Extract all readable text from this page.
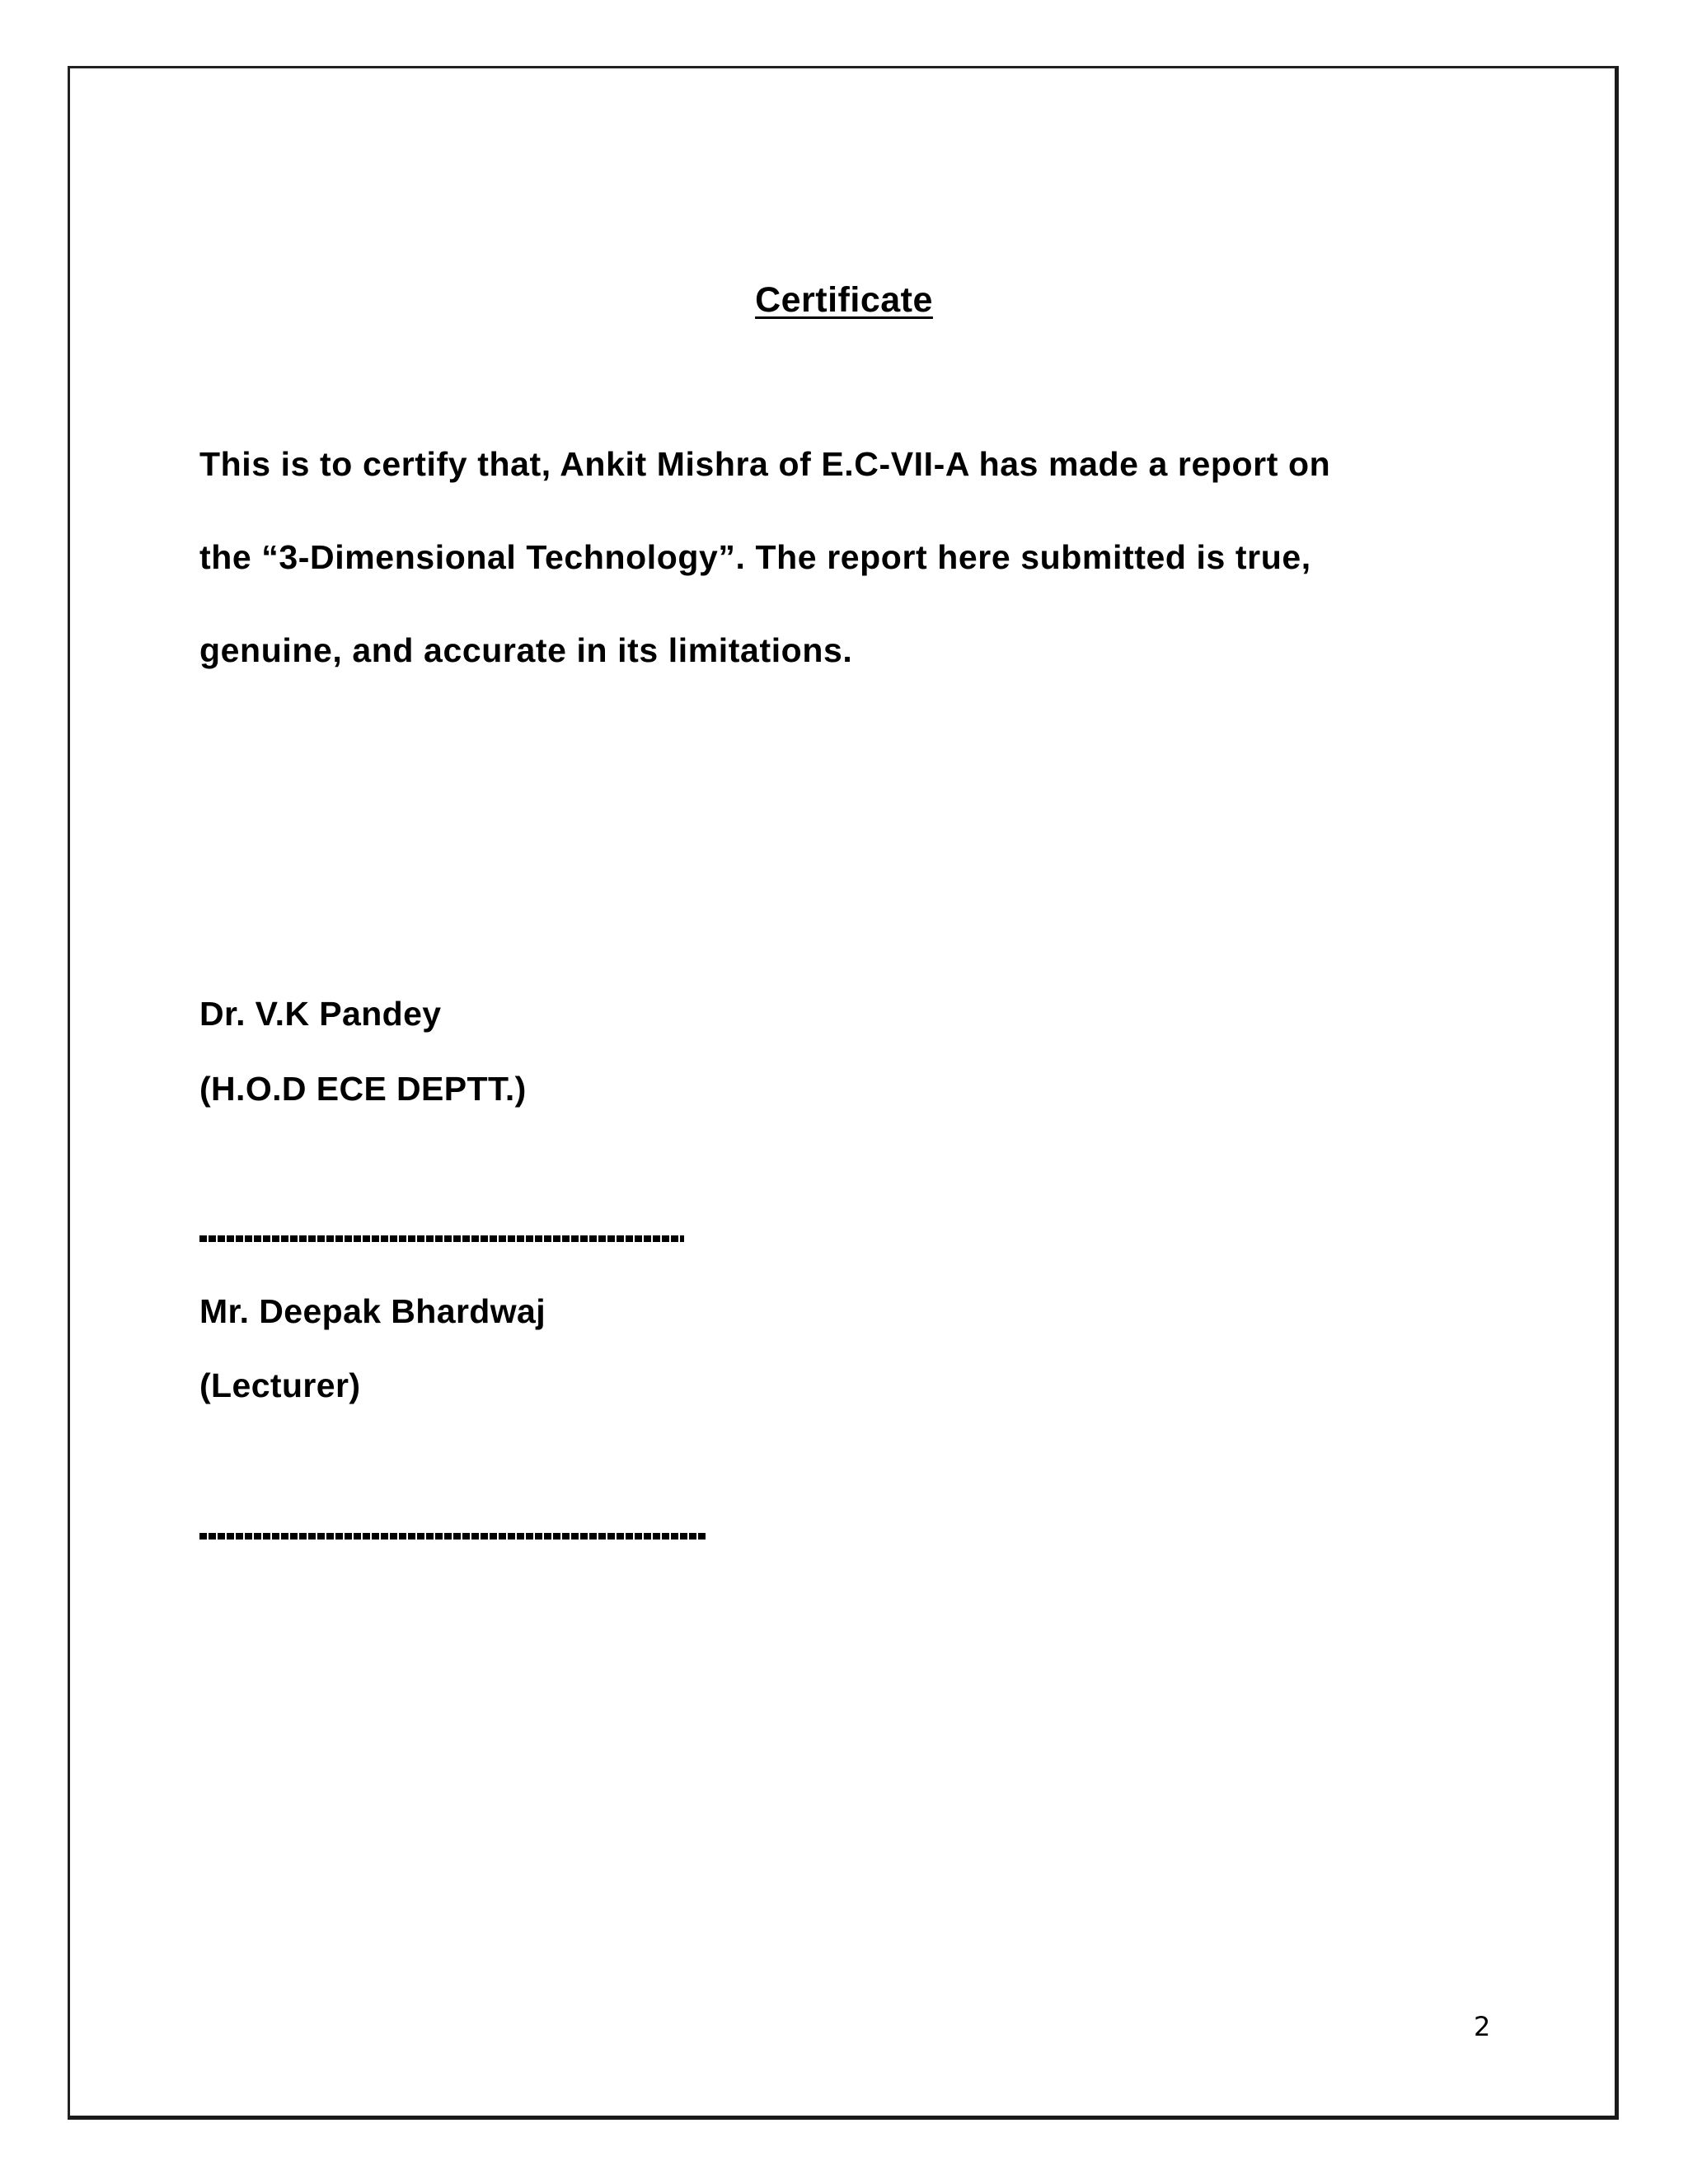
Certificate
This is to certify that, Ankit Mishra of E.C-VII-A has made a report on
the “3-Dimensional Technology”. The report here submitted is true,
genuine, and accurate in its limitations.
Dr. V.K Pandey
(H.O.D ECE DEPTT.)
Mr. Deepak Bhardwaj
(Lecturer)
2
